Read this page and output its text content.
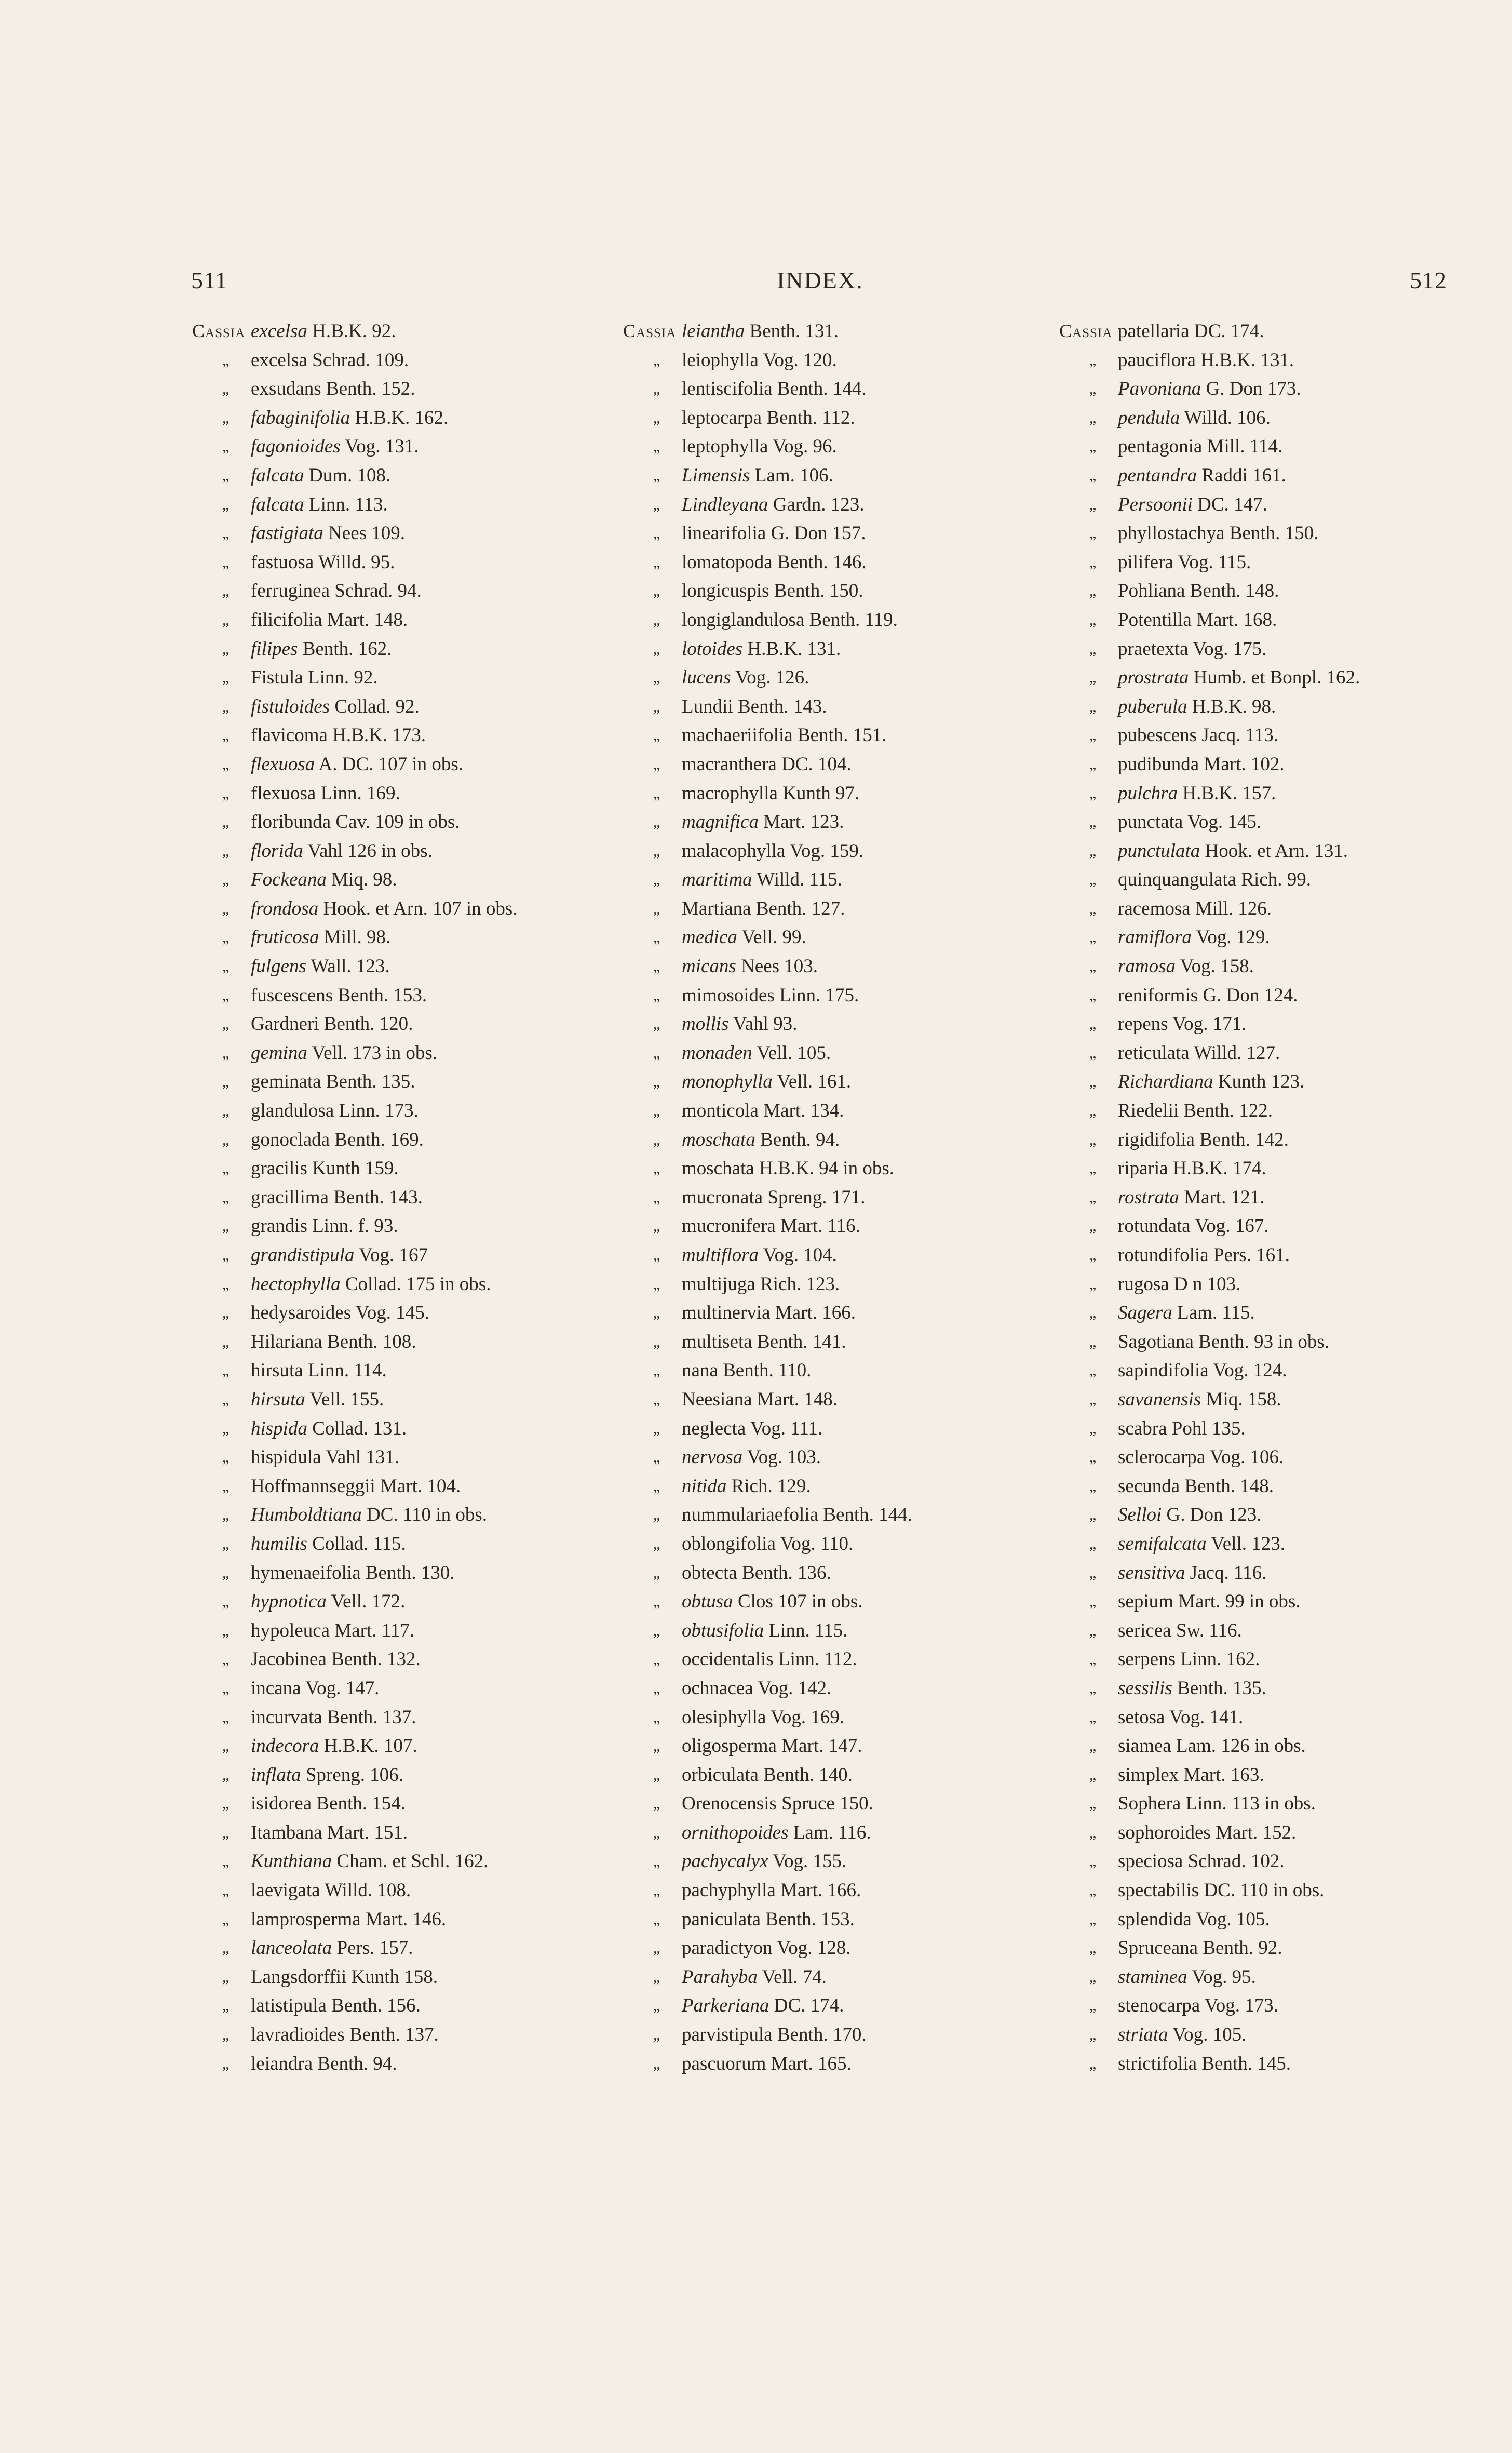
511	INDEX.	512
Cassia excelsa H.B.K. 92.
„ excelsa Schrad. 109.
„ exsudans Benth. 152.
„ fabaginifolia H.B.K. 162.
„ fagonioides Vog. 131.
„ falcata Dum. 108.
„ falcata Linn. 113.
„ fastigiata Nees 109.
„ fastuosa Willd. 95.
„ ferruginea Schrad. 94.
„ filicifolia Mart. 148.
„ filipes Benth. 162.
„ Fistula Linn. 92.
„ fistuloides Collad. 92.
„ flavicoma H.B.K. 173.
„ flexuosa A. DC. 107 in obs.
„ flexuosa Linn. 169.
„ floribunda Cav. 109 in obs.
„ florida Vahl 126 in obs.
„ Fockeana Miq. 98.
„ frondosa Hook. et Arn. 107 in obs.
„ fruticosa Mill. 98.
„ fulgens Wall. 123.
„ fuscescens Benth. 153.
„ Gardneri Benth. 120.
„ gemina Vell. 173 in obs.
„ geminata Benth. 135.
„ glandulosa Linn. 173.
„ gonoclada Benth. 169.
„ gracilis Kunth 159.
„ gracillima Benth. 143.
„ grandis Linn. f. 93.
„ grandistipula Vog. 167
„ hectophylla Collad. 175 in obs.
„ hedysaroides Vog. 145.
„ Hilariana Benth. 108.
„ hirsuta Linn. 114.
„ hirsuta Vell. 155.
„ hispida Collad. 131.
„ hispidula Vahl 131.
„ Hoffmannseggii Mart. 104.
„ Humboldtiana DC. 110 in obs.
„ humilis Collad. 115.
„ hymenaeifolia Benth. 130.
„ hypnotica Vell. 172.
„ hypoleuca Mart. 117.
„ Jacobinea Benth. 132.
„ incana Vog. 147.
„ incurvata Benth. 137.
„ indecora H.B.K. 107.
„ inflata Spreng. 106.
„ isidorea Benth. 154.
„ Itambana Mart. 151.
„ Kunthiana Cham. et Schl. 162.
„ laevigata Willd. 108.
„ lamprosperma Mart. 146.
„ lanceolata Pers. 157.
„ Langsdorffii Kunth 158.
„ latistipula Benth. 156.
„ lavradioides Benth. 137.
„ leiandra Benth. 94.
Cassia leiantha Benth. 131.
„ leiophylla Vog. 120.
„ lentiscifolia Benth. 144.
„ leptocarpa Benth. 112.
„ leptophylla Vog. 96.
„ Limensis Lam. 106.
„ Lindleyana Gardn. 123.
„ linearifolia G. Don 157.
„ lomatopoda Benth. 146.
„ longicuspis Benth. 150.
„ longiglandulosa Benth. 119.
„ lotoides H.B.K. 131.
„ lucens Vog. 126.
„ Lundii Benth. 143.
„ machaeriifolia Benth. 151.
„ macranthera DC. 104.
„ macrophylla Kunth 97.
„ magnifica Mart. 123.
„ malacophylla Vog. 159.
„ maritima Willd. 115.
„ Martiana Benth. 127.
„ medica Vell. 99.
„ micans Nees 103.
„ mimosoides Linn. 175.
„ mollis Vahl 93.
„ monaden Vell. 105.
„ monophylla Vell. 161.
„ monticola Mart. 134.
„ moschata Benth. 94.
„ moschata H.B.K. 94 in obs.
„ mucronata Spreng. 171.
„ mucronifera Mart. 116.
„ multiflora Vog. 104.
„ multijuga Rich. 123.
„ multinervia Mart. 166.
„ multiseta Benth. 141.
„ nana Benth. 110.
„ Neesiana Mart. 148.
„ neglecta Vog. 111.
„ nervosa Vog. 103.
„ nitida Rich. 129.
„ nummulariaefolia Benth. 144.
„ oblongifolia Vog. 110.
„ obtecta Benth. 136.
„ obtusa Clos 107 in obs.
„ obtusifolia Linn. 115.
„ occidentalis Linn. 112.
„ ochnacea Vog. 142.
„ olesiphylla Vog. 169.
„ oligosperma Mart. 147.
„ orbiculata Benth. 140.
„ Orenocensis Spruce 150.
„ ornithopoides Lam. 116.
„ pachycalyx Vog. 155.
„ pachyphylla Mart. 166.
„ paniculata Benth. 153.
„ paradictyon Vog. 128.
„ Parahyba Vell. 74.
„ Parkeriana DC. 174.
„ parvistipula Benth. 170.
„ pascuorum Mart. 165.
Cassia patellaria DC. 174.
„ pauciflora H.B.K. 131.
„ Pavoniana G. Don 173.
„ pendula Willd. 106.
„ pentagonia Mill. 114.
„ pentandra Raddi 161.
„ Persoonii DC. 147.
„ phyllostachya Benth. 150.
„ pilifera Vog. 115.
„ Pohliana Benth. 148.
„ Potentilla Mart. 168.
„ praetexta Vog. 175.
„ prostrata Humb. et Bonpl. 162.
„ puberula H.B.K. 98.
„ pubescens Jacq. 113.
„ pudibunda Mart. 102.
„ pulchra H.B.K. 157.
„ punctata Vog. 145.
„ punctulata Hook. et Arn. 131.
„ quinquangulata Rich. 99.
„ racemosa Mill. 126.
„ ramiflora Vog. 129.
„ ramosa Vog. 158.
„ reniformis G. Don 124.
„ repens Vog. 171.
„ reticulata Willd. 127.
„ Richardiana Kunth 123.
„ Riedelii Benth. 122.
„ rigidifolia Benth. 142.
„ riparia H.B.K. 174.
„ rostrata Mart. 121.
„ rotundata Vog. 167.
„ rotundifolia Pers. 161.
„ rugosa D n 103.
„ Sagera Lam. 115.
„ Sagotiana Benth. 93 in obs.
„ sapindifolia Vog. 124.
„ savanensis Miq. 158.
„ scabra Pohl 135.
„ sclerocarpa Vog. 106.
„ secunda Benth. 148.
„ Selloi G. Don 123.
„ semifalcata Vell. 123.
„ sensitiva Jacq. 116.
„ sepium Mart. 99 in obs.
„ sericea Sw. 116.
„ serpens Linn. 162.
„ sessilis Benth. 135.
„ setosa Vog. 141.
„ siamea Lam. 126 in obs.
„ simplex Mart. 163.
„ Sophera Linn. 113 in obs.
„ sophoroides Mart. 152.
„ speciosa Schrad. 102.
„ spectabilis DC. 110 in obs.
„ splendida Vog. 105.
„ Spruceana Benth. 92.
„ staminea Vog. 95.
„ stenocarpa Vog. 173.
„ striata Vog. 105.
„ strictifolia Benth. 145.
